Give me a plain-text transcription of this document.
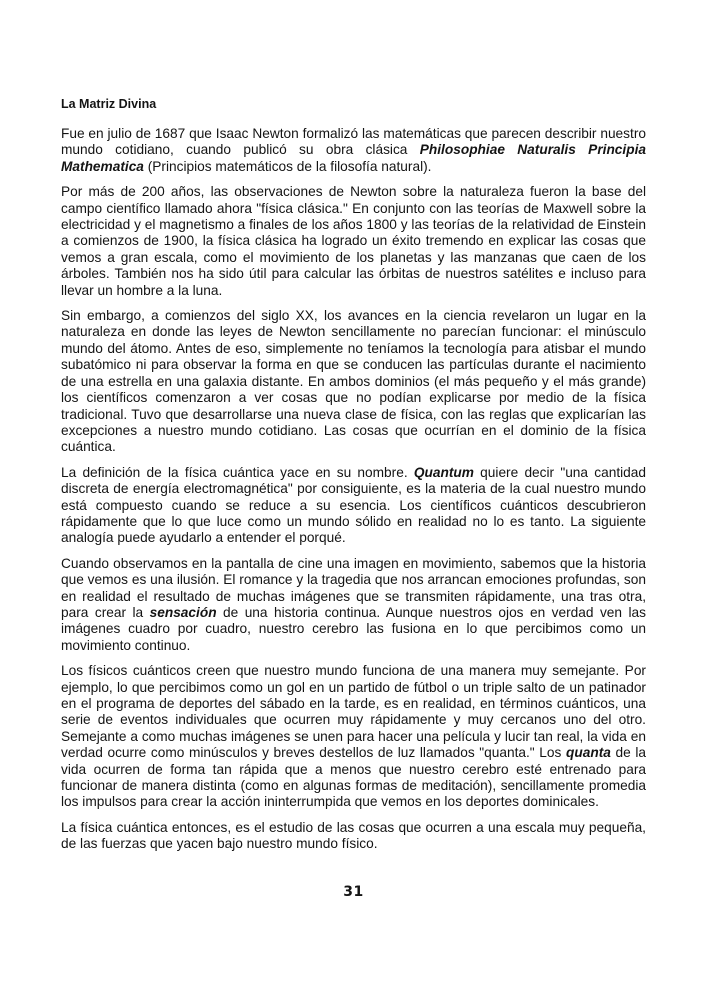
La Matriz Divina

Fue en julio de 1687 que Isaac Newton formalizó las matemáticas que parecen describir nuestro mundo cotidiano, cuando publicó su obra clásica Philosophiae Naturalis Principia Mathematica (Principios matemáticos de la filosofía natural).

Por más de 200 años, las observaciones de Newton sobre la naturaleza fueron la base del campo científico llamado ahora "física clásica." En conjunto con las teorías de Maxwell sobre la electricidad y el magnetismo a finales de los años 1800 y las teorías de la relatividad de Einstein a comienzos de 1900, la física clásica ha logrado un éxito tremendo en explicar las cosas que vemos a gran escala, como el movimiento de los planetas y las manzanas que caen de los árboles. También nos ha sido útil para calcular las órbitas de nuestros satélites e incluso para llevar un hombre a la luna.

Sin embargo, a comienzos del siglo XX, los avances en la ciencia revelaron un lugar en la naturaleza en donde las leyes de Newton sencillamente no parecían funcionar: el minúsculo mundo del átomo. Antes de eso, simplemente no teníamos la tecnología para atisbar el mundo subatómico ni para observar la forma en que se conducen las partículas durante el nacimiento de una estrella en una galaxia distante. En ambos dominios (el más pequeño y el más grande) los científicos comenzaron a ver cosas que no podían explicarse por medio de la física tradicional. Tuvo que desarrollarse una nueva clase de física, con las reglas que explicarían las excepciones a nuestro mundo cotidiano. Las cosas que ocurrían en el dominio de la física cuántica.

La definición de la física cuántica yace en su nombre. Quantum quiere decir "una cantidad discreta de energía electromagnética" por consiguiente, es la materia de la cual nuestro mundo está compuesto cuando se reduce a su esencia. Los científicos cuánticos descubrieron rápidamente que lo que luce como un mundo sólido en realidad no lo es tanto. La siguiente analogía puede ayudarlo a entender el porqué.

Cuando observamos en la pantalla de cine una imagen en movimiento, sabemos que la historia que vemos es una ilusión. El romance y la tragedia que nos arrancan emociones profundas, son en realidad el resultado de muchas imágenes que se transmiten rápidamente, una tras otra, para crear la sensación de una historia continua. Aunque nuestros ojos en verdad ven las imágenes cuadro por cuadro, nuestro cerebro las fusiona en lo que percibimos como un movimiento continuo.

Los físicos cuánticos creen que nuestro mundo funciona de una manera muy semejante. Por ejemplo, lo que percibimos como un gol en un partido de fútbol o un triple salto de un patinador en el programa de deportes del sábado en la tarde, es en realidad, en términos cuánticos, una serie de eventos individuales que ocurren muy rápidamente y muy cercanos uno del otro. Semejante a como muchas imágenes se unen para hacer una película y lucir tan real, la vida en verdad ocurre como minúsculos y breves destellos de luz llamados "quanta." Los quanta de la vida ocurren de forma tan rápida que a menos que nuestro cerebro esté entrenado para funcionar de manera distinta (como en algunas formas de meditación), sencillamente promedia los impulsos para crear la acción ininterrumpida que vemos en los deportes dominicales.

La física cuántica entonces, es el estudio de las cosas que ocurren a una escala muy pequeña, de las fuerzas que yacen bajo nuestro mundo físico.

31
